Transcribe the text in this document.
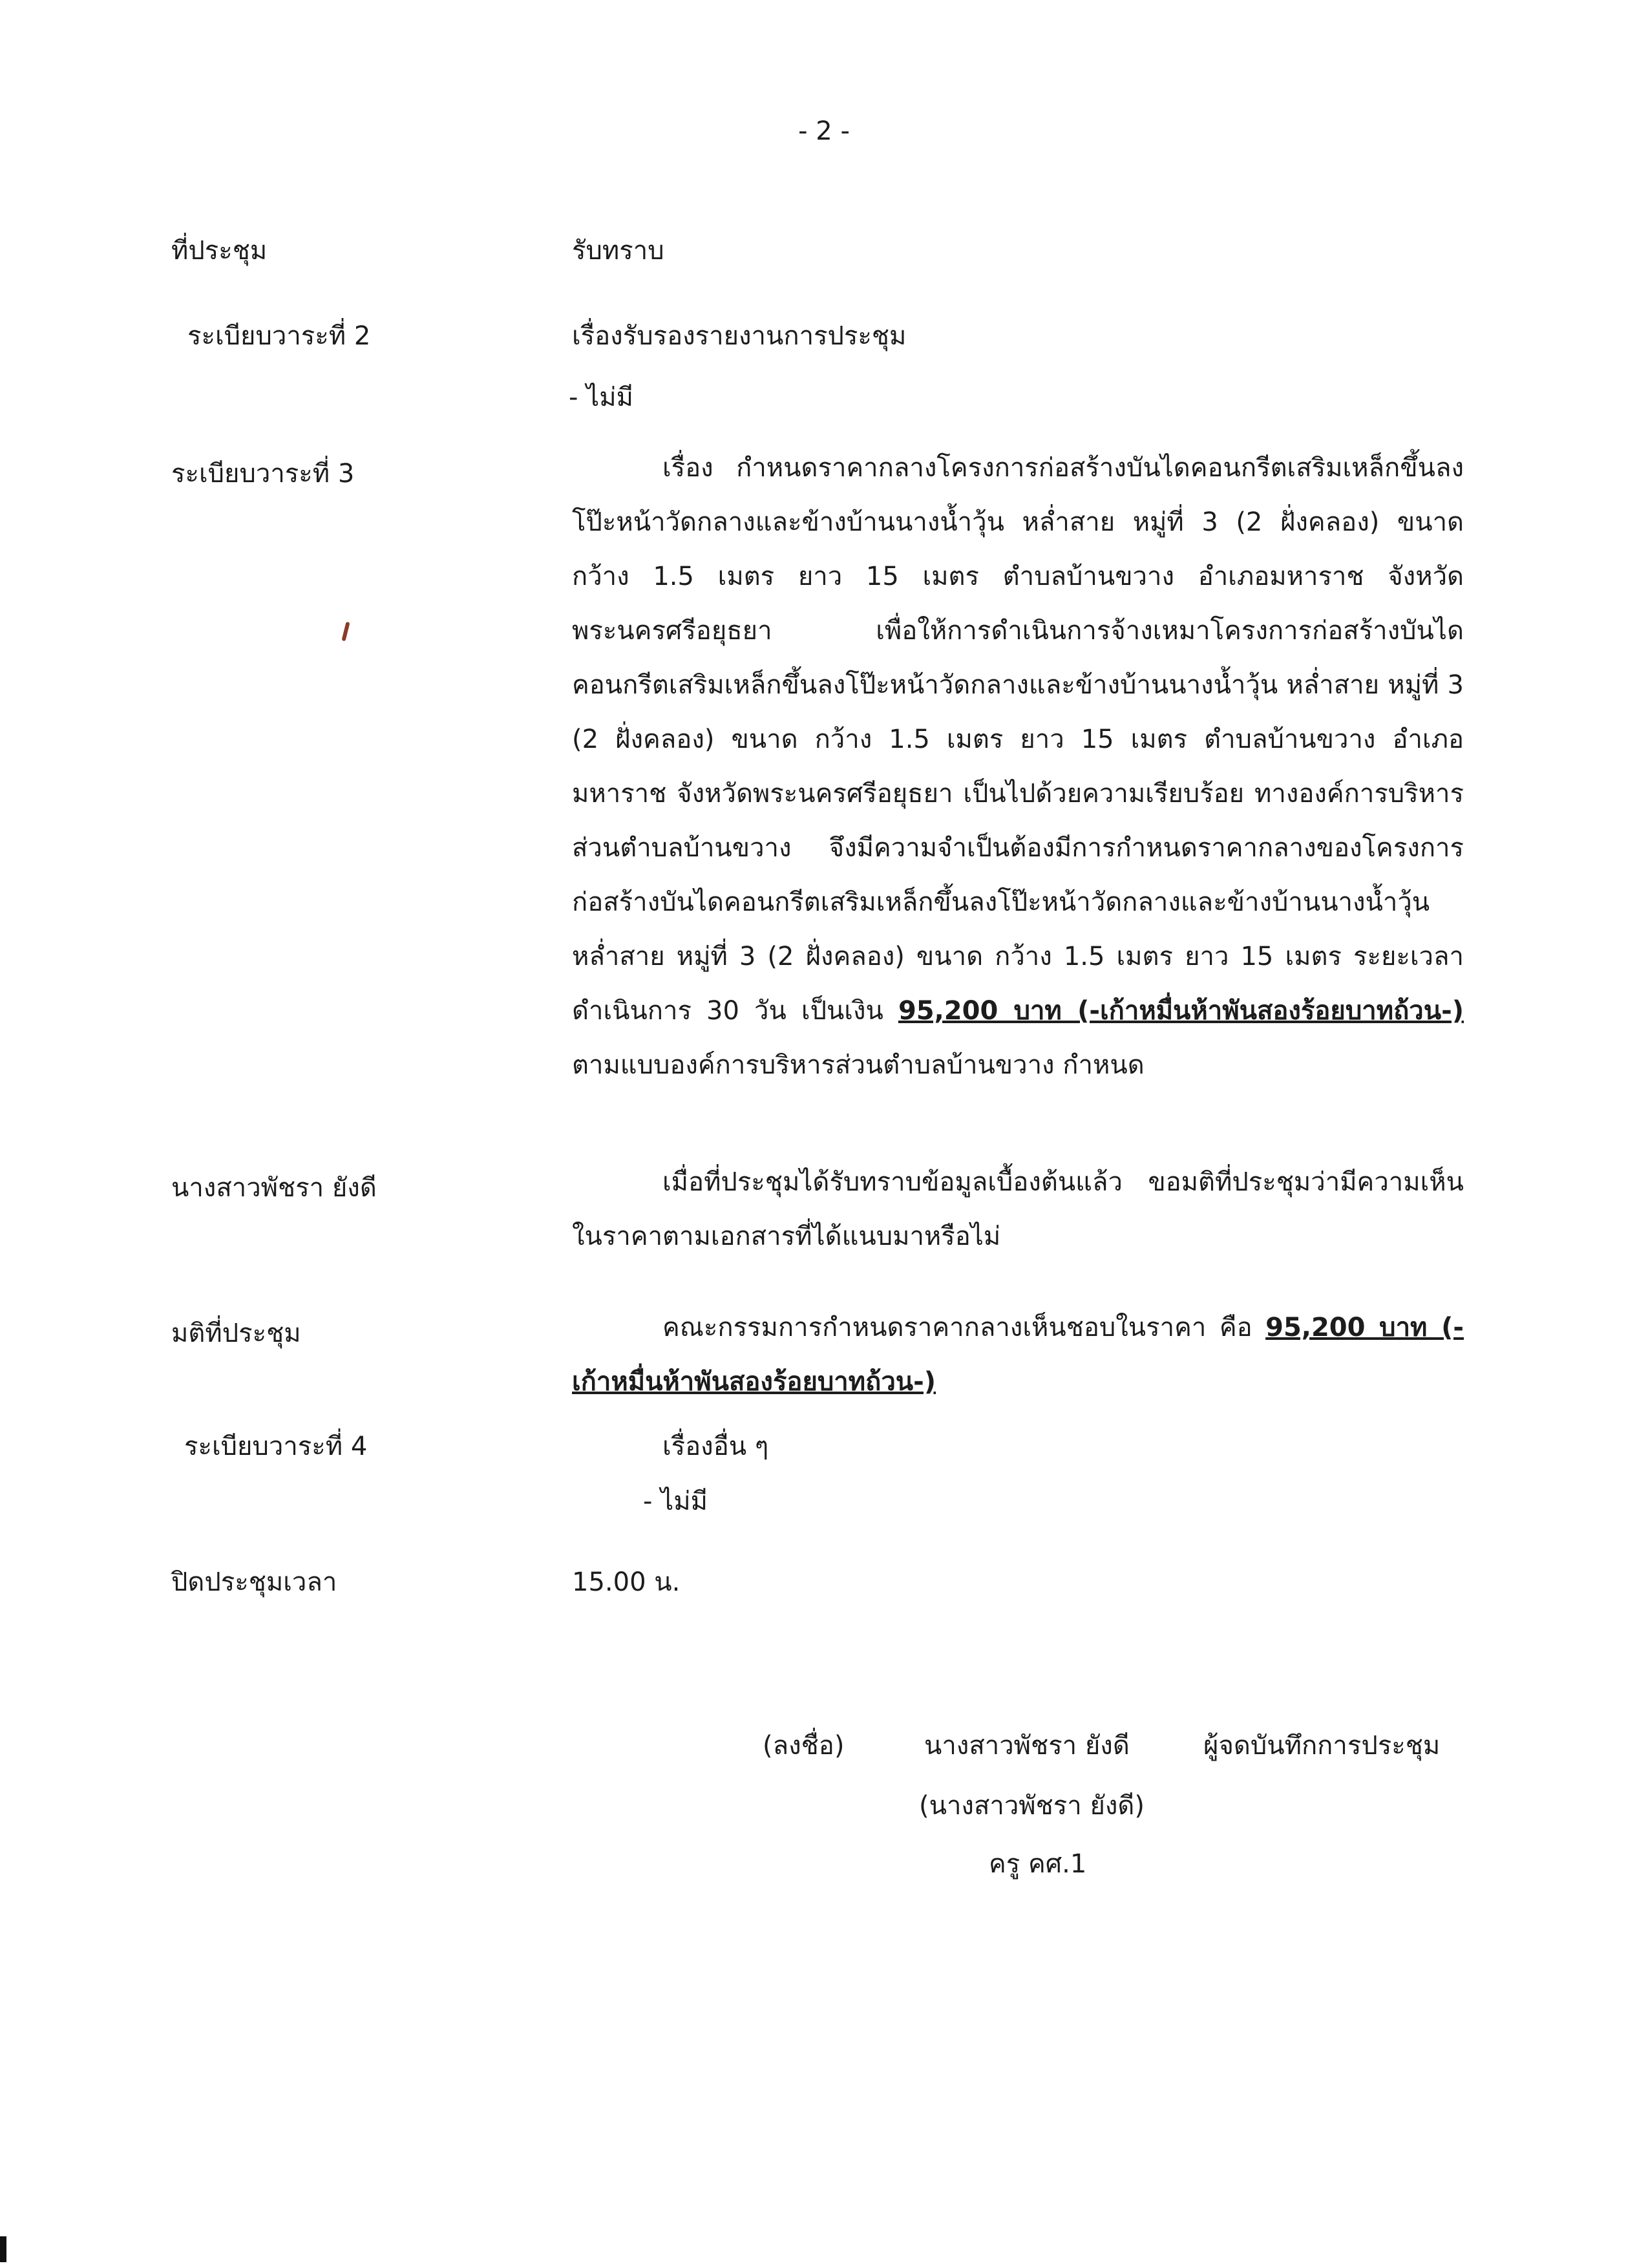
- 2 -
ที่ประชุม	รับทราบ
ระเบียบวาระที่ 2	เรื่องรับรองรายงานการประชุม
- ไม่มี
ระเบียบวาระที่ 3	เรื่อง กำหนดราคากลางโครงการก่อสร้างบันไดคอนกรีตเสริมเหล็กขึ้นลงโป๊ะหน้าวัดกลางและข้างบ้านนางน้ำวุ้น หล่ำสาย หมู่ที่ 3 (2 ฝั่งคลอง) ขนาด กว้าง 1.5 เมตร ยาว 15 เมตร ตำบลบ้านขวาง อำเภอมหาราช จังหวัดพระนครศรีอยุธยา เพื่อให้การดำเนินการจ้างเหมาโครงการก่อสร้างบันไดคอนกรีตเสริมเหล็กขึ้นลงโป๊ะหน้าวัดกลางและข้างบ้านนางน้ำวุ้น หล่ำสาย หมู่ที่ 3 (2 ฝั่งคลอง) ขนาด กว้าง 1.5 เมตร ยาว 15 เมตร ตำบลบ้านขวาง อำเภอมหาราช จังหวัดพระนครศรีอยุธยา เป็นไปด้วยความเรียบร้อย ทางองค์การบริหารส่วนตำบลบ้านขวาง จึงมีความจำเป็นต้องมีการกำหนดราคากลางของโครงการก่อสร้างบันไดคอนกรีตเสริมเหล็กขึ้นลงโป๊ะหน้าวัดกลางและข้างบ้านนางน้ำวุ้น หล่ำสาย หมู่ที่ 3 (2 ฝั่งคลอง) ขนาด กว้าง 1.5 เมตร ยาว 15 เมตร ระยะเวลาดำเนินการ 30 วัน เป็นเงิน 95,200 บาท (-เก้าหมื่นห้าพันสองร้อยบาทถ้วน-) ตามแบบองค์การบริหารส่วนตำบลบ้านขวาง กำหนด

นางสาวพัชรา ยังดี	เมื่อที่ประชุมได้รับทราบข้อมูลเบื้องต้นแล้ว ขอมติที่ประชุมว่ามีความเห็นในราคาตามเอกสารที่ได้แนบมาหรือไม่

มติที่ประชุม	คณะกรรมการกำหนดราคากลางเห็นชอบในราคา คือ 95,200 บาท (-เก้าหมื่นห้าพันสองร้อยบาทถ้วน-)

ระเบียบวาระที่ 4	เรื่องอื่น ๆ
- ไม่มี
ปิดประชุมเวลา	15.00 น.
(ลงชื่อ)	นางสาวพัชรา ยังดี	ผู้จดบันทึกการประชุม
(นางสาวพัชรา ยังดี)
ครู คศ.1
